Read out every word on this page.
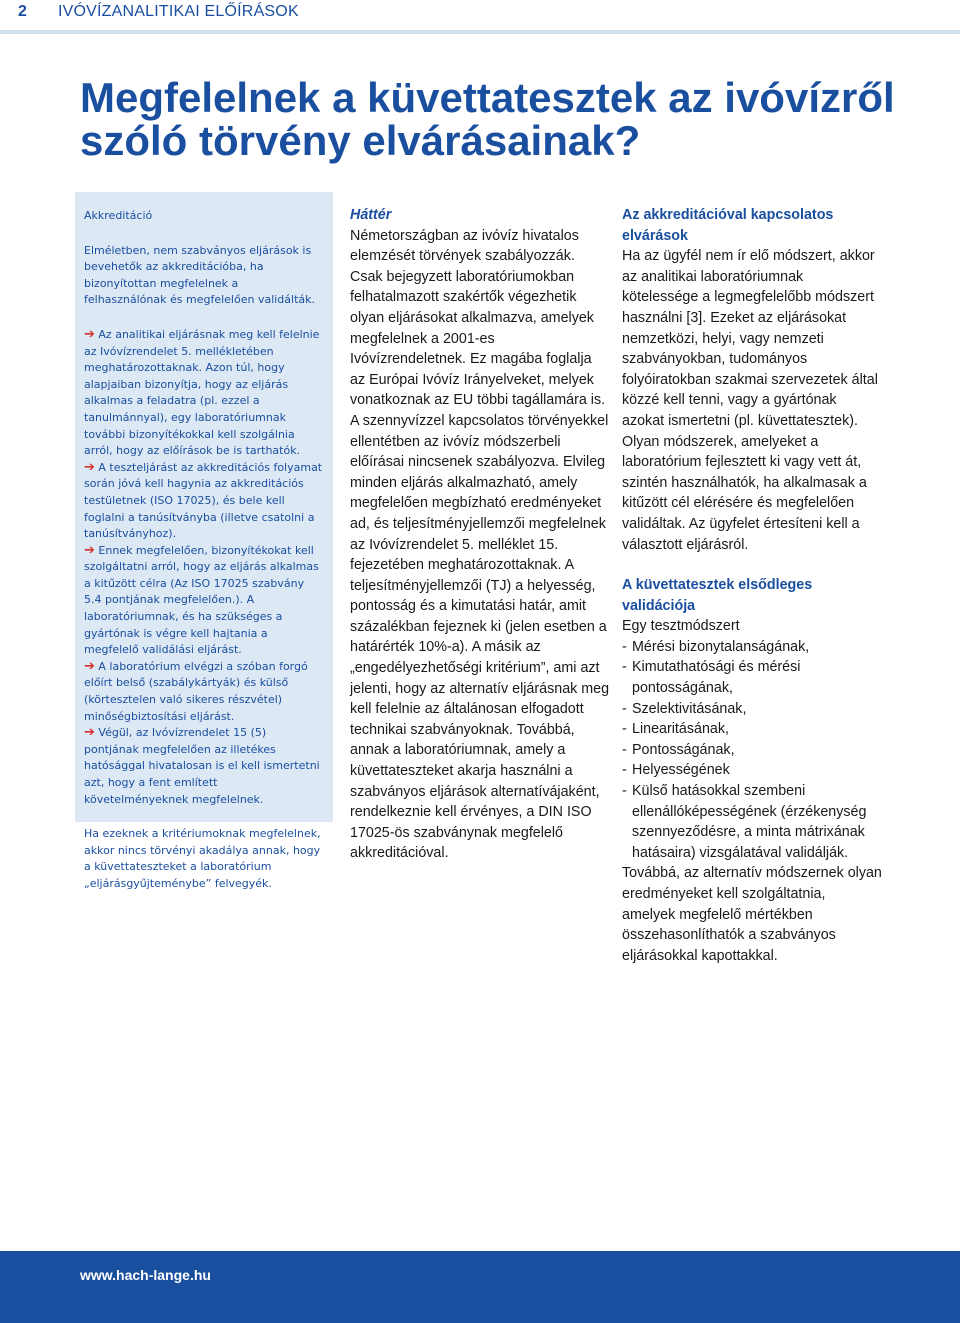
2 IVÓVÍZANALITIKAI ELŐÍRÁSOK
Megfelelnek a küvettatesztek az ivóvízről szóló törvény elvárásainak?

Akkreditáció

Elméletben, nem szabványos eljárások is bevehetők az akkreditációba, ha bizonyítottan megfelelnek a felhasználónak és megfelelően validálták.

➔ Az analitikai eljárásnak meg kell felelnie az Ivóvízrendelet 5. mellékletében meghatározottaknak. Azon túl, hogy alapjaiban bizonyítja, hogy az eljárás alkalmas a feladatra (pl. ezzel a tanulmánnyal), egy laboratóriumnak további bizonyítékokkal kell szolgálnia arról, hogy az előírások be is tarthatók.

➔ A teszteljárást az akkreditációs folyamat során jóvá kell hagynia az akkreditációs testületnek (ISO 17025), és bele kell foglalni a tanúsítványba (illetve csatolni a tanúsítványhoz).

➔ Ennek megfelelően, bizonyítékokat kell szolgáltatni arról, hogy az eljárás alkalmas a kitűzött célra (Az ISO 17025 szabvány 5.4 pontjának megfelelően.). A laboratóriumnak, és ha szükséges a gyártónak is végre kell hajtania a megfelelő validálási eljárást.

➔ A laboratórium elvégzi a szóban forgó előírt belső (szabálykártyák) és külső (körtesztelen való sikeres részvétel) minőségbiztosítási eljárást.

➔ Végül, az Ivóvízrendelet 15 (5) pontjának megfelelően az illetékes hatósággal hivatalosan is el kell ismertetni azt, hogy a fent említett követelményeknek megfelelnek.

Ha ezeknek a kritériumoknak megfelelnek, akkor nincs törvényi akadálya annak, hogy a küvettateszteket a laboratórium „eljárásgyűjteménybe” felvegyék.

Háttér

Németországban az ivóvíz hivatalos elemzését törvények szabályozzák. Csak bejegyzett laboratóriumokban felhatalmazott szakértők végezhetik olyan eljárásokat alkalmazva, amelyek megfelelnek a 2001-es Ivóvízrendeletnek. Ez magába foglalja az Európai Ivóvíz Irányelveket, melyek vonatkoznak az EU többi tagállamára is.

A szennyvízzel kapcsolatos törvényekkel ellentétben az ivóvíz módszerbeli előírásai nincsenek szabályozva. Elvileg minden eljárás alkalmazható, amely megfelelően megbízható eredményeket ad, és teljesítményjellemzői megfelelnek az Ivóvízrendelet 5. melléklet 15. fejezetében meghatározottaknak. A teljesítményjellemzői (TJ) a helyesség, pontosság és a kimutatási határ, amit százalékban fejeznek ki (jelen esetben a határérték 10%-a). A másik az „engedélyezhetőségi kritérium”, ami azt jelenti, hogy az alternatív eljárásnak meg kell felelnie az általánosan elfogadott technikai szabványoknak. Továbbá, annak a laboratóriumnak, amely a küvettateszteket akarja használni a szabványos eljárások alternatívájaként, rendelkeznie kell érvényes, a DIN ISO 17025-ös szabványnak megfelelő akkreditációval.

Az akkreditációval kapcsolatos elvárások

Ha az ügyfél nem ír elő módszert, akkor az analitikai laboratóriumnak kötelessége a legmegfelelőbb módszert használni [3]. Ezeket az eljárásokat nemzetközi, helyi, vagy nemzeti szabványokban, tudományos folyóiratokban szakmai szervezetek által közzé kell tenni, vagy a gyártónak azokat ismertetni (pl. küvettatesztek). Olyan módszerek, amelyeket a laboratórium fejlesztett ki vagy vett át, szintén használhatók, ha alkalmasak a kitűzött cél elérésére és megfelelően validáltak. Az ügyfelet értesíteni kell a választott eljárásról.

A küvettatesztek elsődleges validációja

Egy tesztmódszert

- Mérési bizonytalanságának,
- Kimutathatósági és mérési pontosságának,
- Szelektivitásának,
- Linearitásának,
- Pontosságának,
- Helyességének
- Külső hatásokkal szembeni ellenállóképességének (érzékenység szennyeződésre, a minta mátrixának hatásaira) vizsgálatával validálják.

Továbbá, az alternatív módszernek olyan eredményeket kell szolgáltatnia, amelyek megfelelő mértékben összehasonlíthatók a szabványos eljárásokkal kapottakkal.

www.hach-lange.hu
